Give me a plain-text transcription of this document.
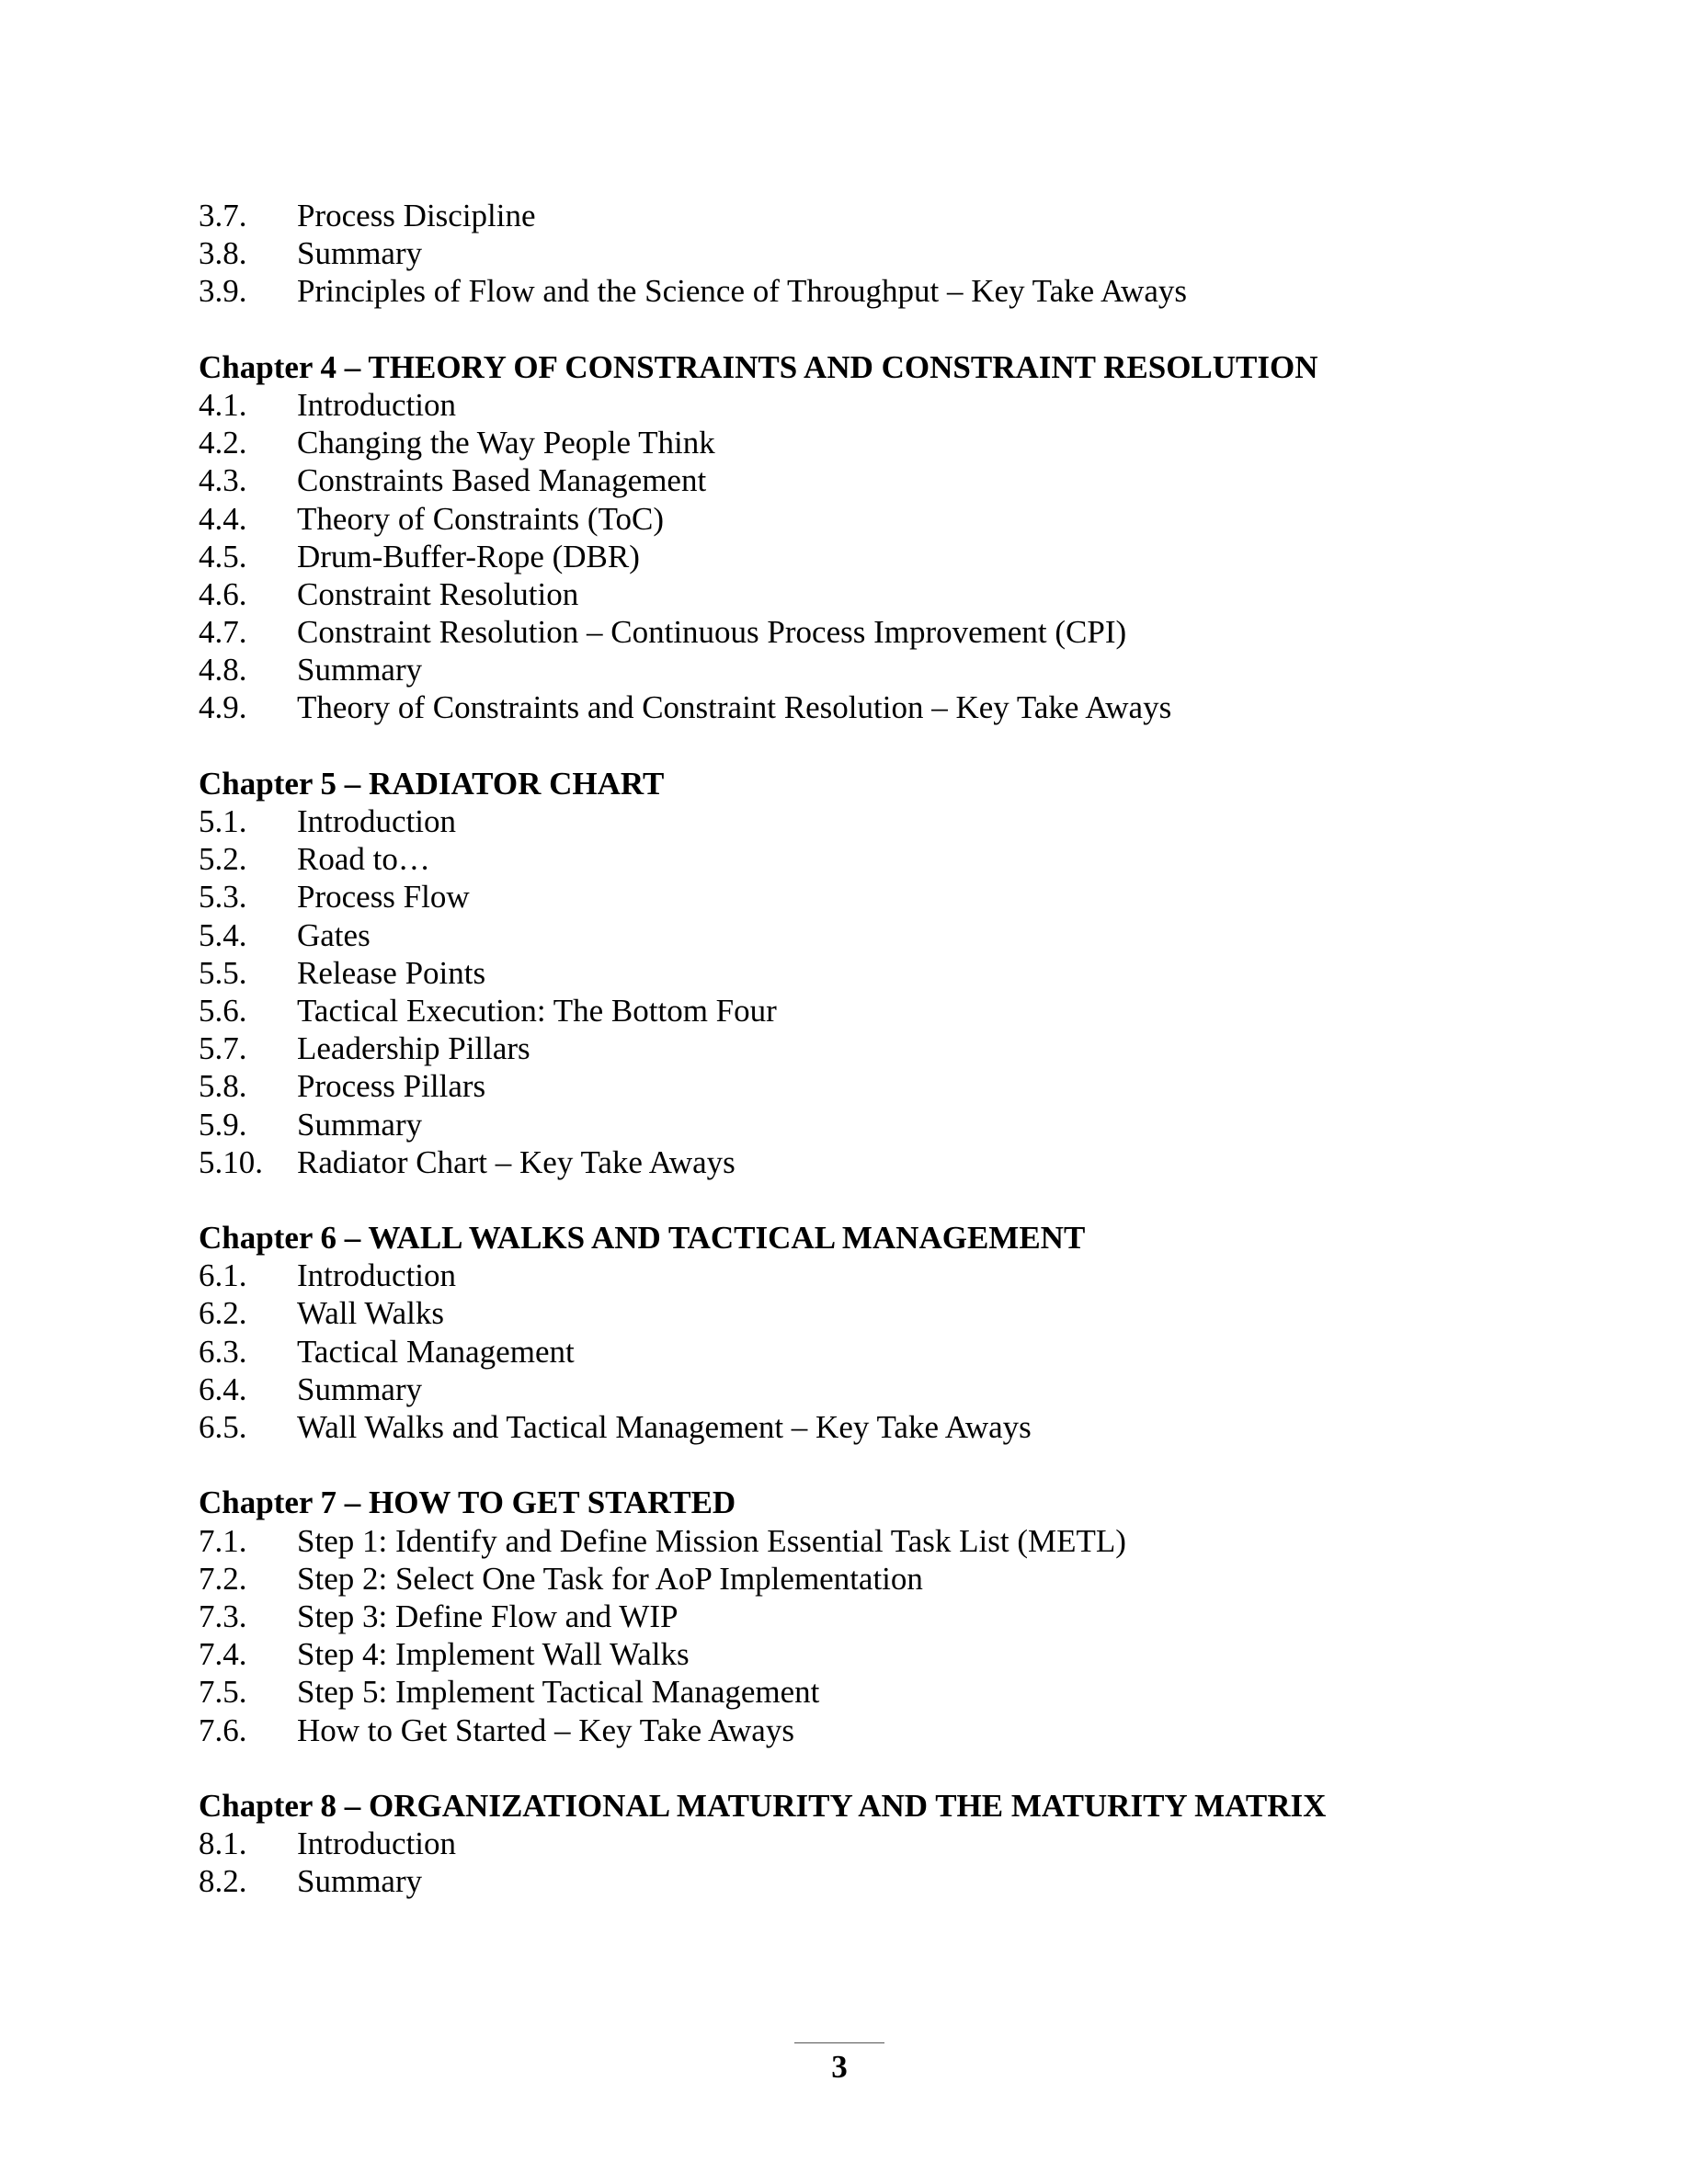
3.7.	Process Discipline
3.8.	Summary
3.9.	Principles of Flow and the Science of Throughput – Key Take Aways
Chapter 4 – THEORY OF CONSTRAINTS AND CONSTRAINT RESOLUTION
4.1.	Introduction
4.2.	Changing the Way People Think
4.3.	Constraints Based Management
4.4.	Theory of Constraints (ToC)
4.5.	Drum-Buffer-Rope (DBR)
4.6.	Constraint Resolution
4.7.	Constraint Resolution – Continuous Process Improvement (CPI)
4.8.	Summary
4.9.	Theory of Constraints and Constraint Resolution – Key Take Aways
Chapter 5 – RADIATOR CHART
5.1.	Introduction
5.2.	Road to…
5.3.	Process Flow
5.4.	Gates
5.5.	Release Points
5.6.	Tactical Execution: The Bottom Four
5.7.	Leadership Pillars
5.8.	Process Pillars
5.9.	Summary
5.10.	Radiator Chart – Key Take Aways
Chapter 6 – WALL WALKS AND TACTICAL MANAGEMENT
6.1.	Introduction
6.2.	Wall Walks
6.3.	Tactical Management
6.4.	Summary
6.5.	Wall Walks and Tactical Management – Key Take Aways
Chapter 7 – HOW TO GET STARTED
7.1.	Step 1: Identify and Define Mission Essential Task List (METL)
7.2.	Step 2: Select One Task for AoP Implementation
7.3.	Step 3: Define Flow and WIP
7.4.	Step 4: Implement Wall Walks
7.5.	Step 5: Implement Tactical Management
7.6.	How to Get Started – Key Take Aways
Chapter 8 – ORGANIZATIONAL MATURITY AND THE MATURITY MATRIX
8.1.	Introduction
8.2.	Summary
3
